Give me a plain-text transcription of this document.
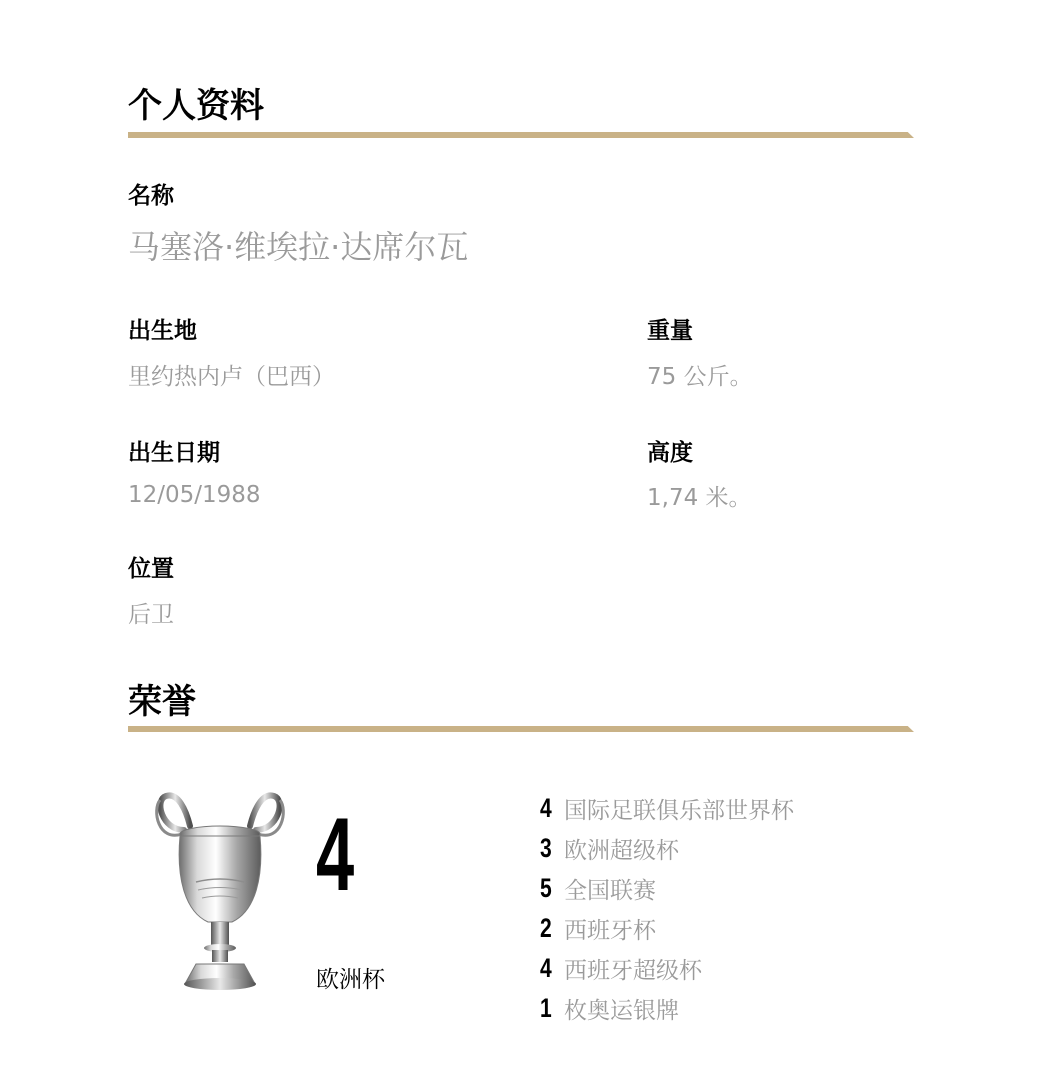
个人资料
名称
马塞洛·维埃拉·达席尔瓦
出生地
里约热内卢（巴西）
重量
75 公斤。
出生日期
12/05/1988
高度
1,74 米。
位置
后卫
荣誉
4
欧洲杯
4 国际足联俱乐部世界杯
3 欧洲超级杯
5 全国联赛
2 西班牙杯
4 西班牙超级杯
1 枚奥运银牌
